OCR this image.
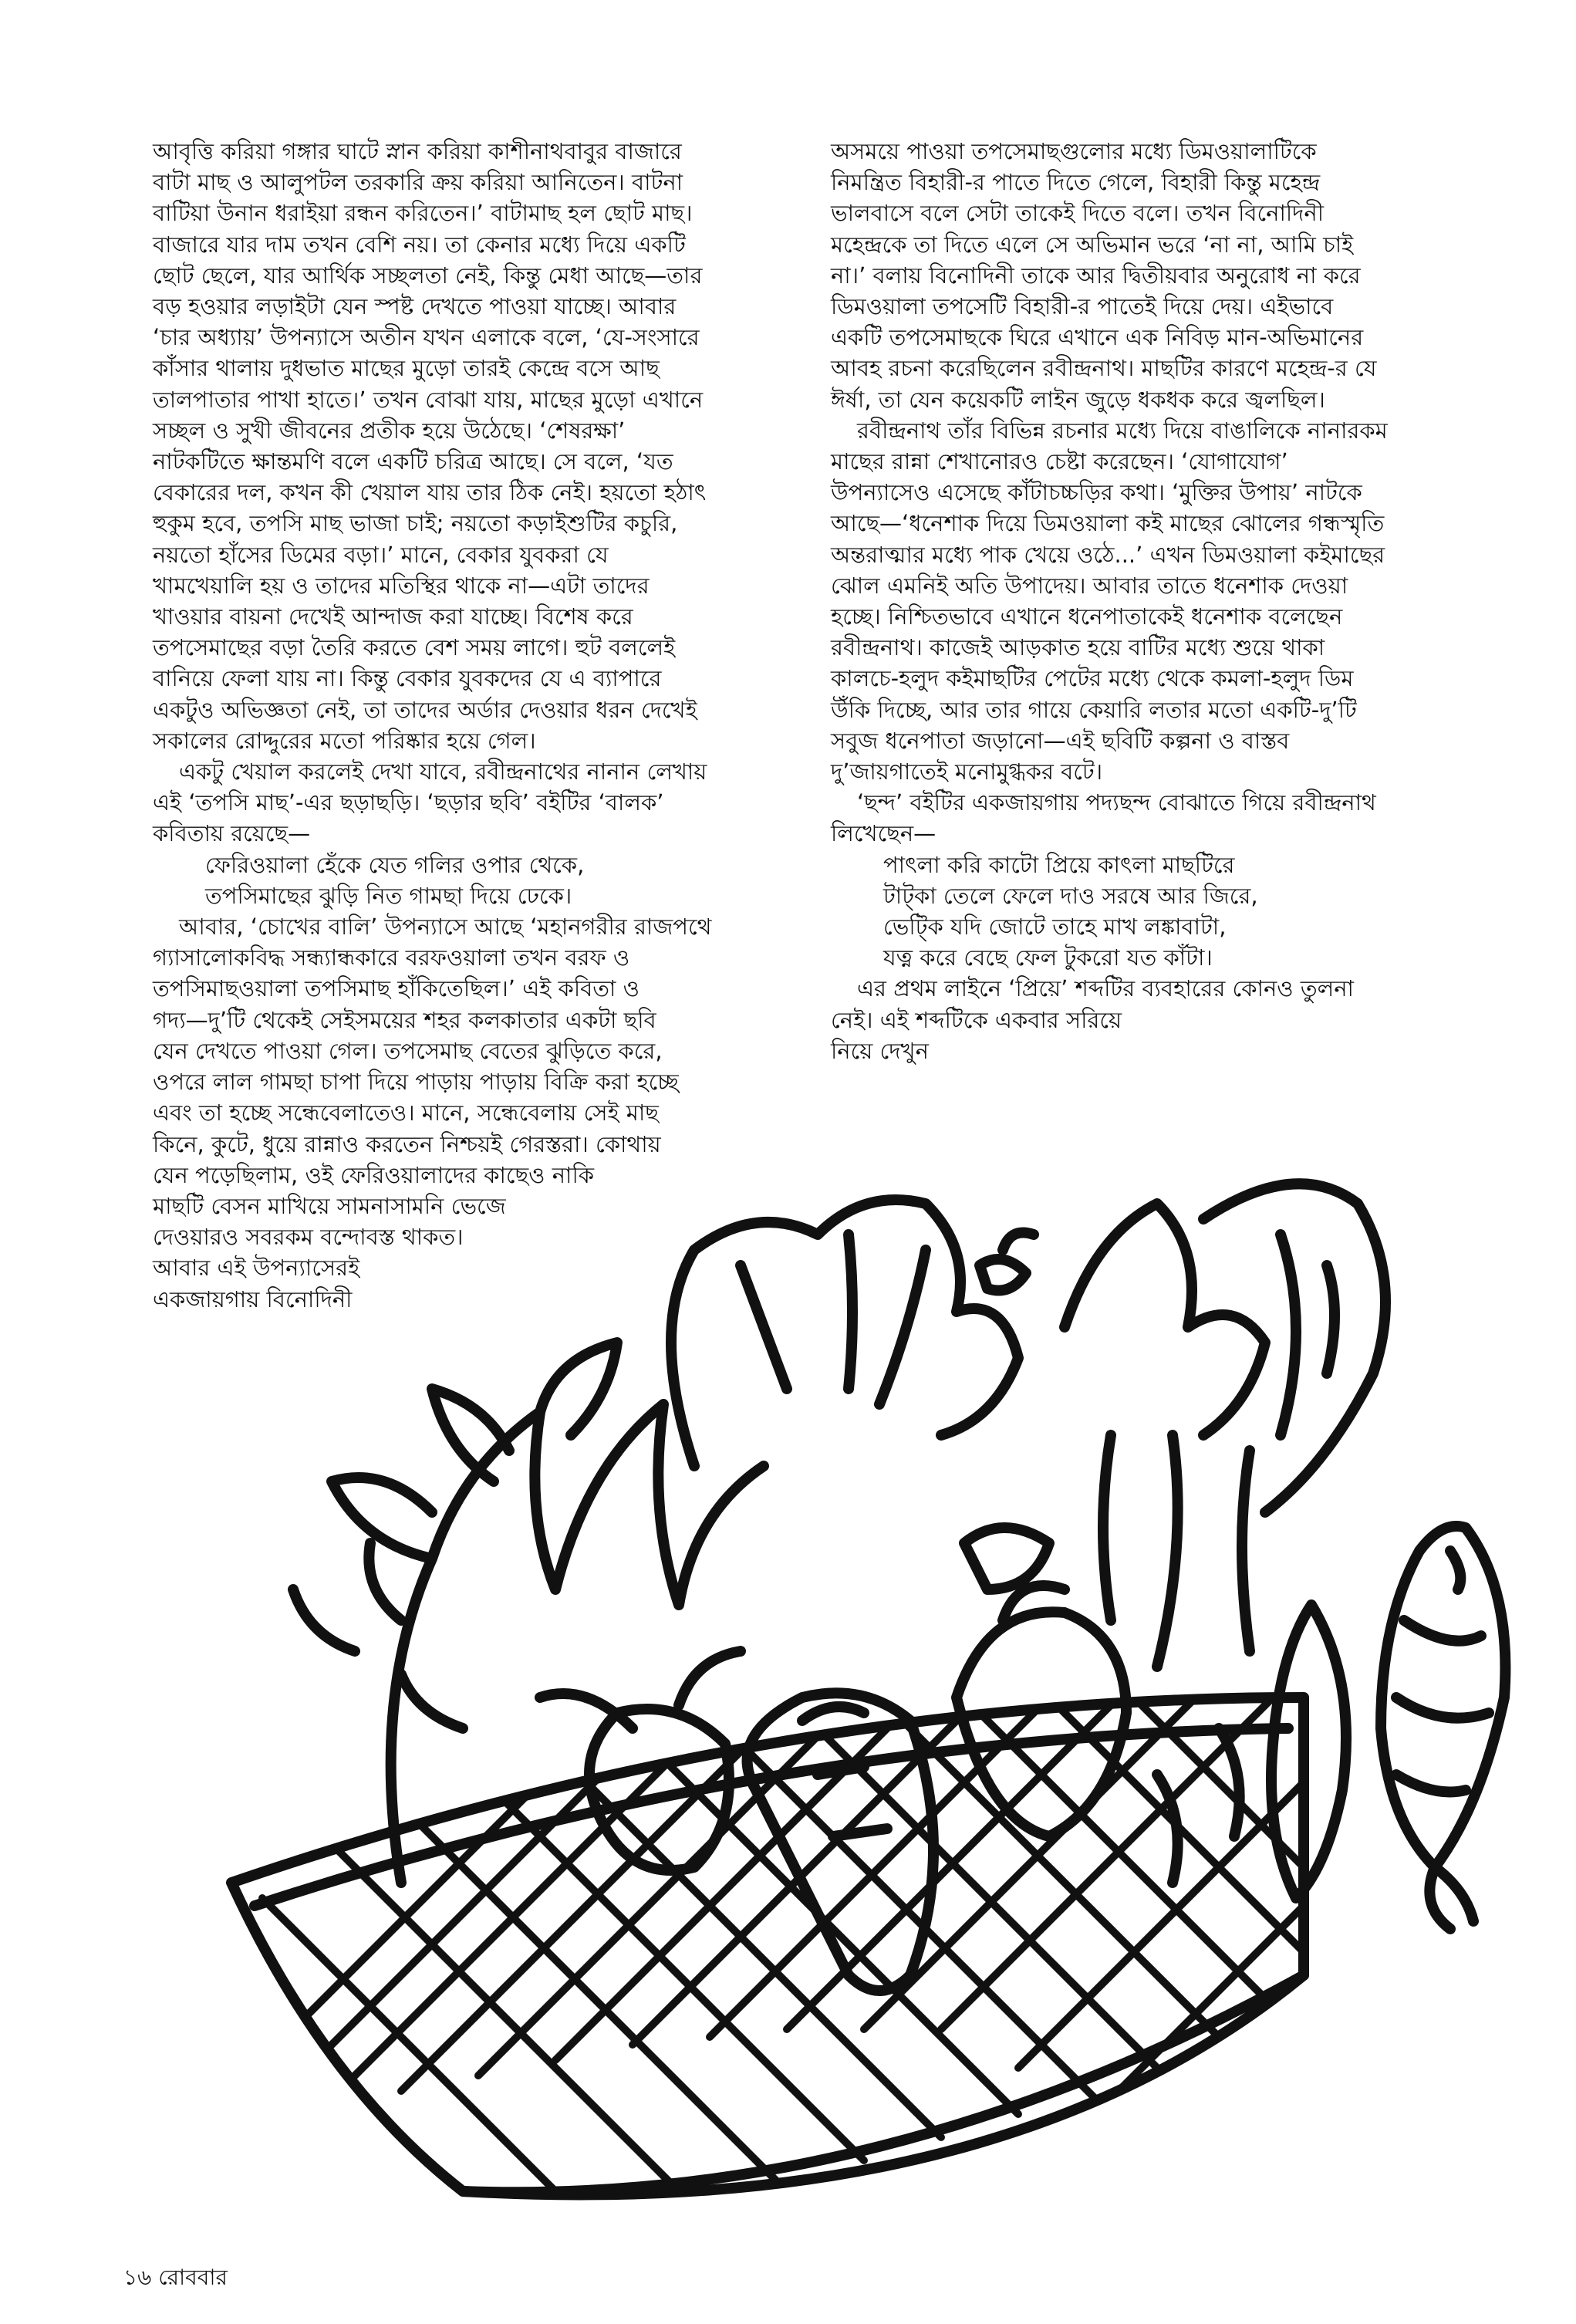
আবৃত্তি করিয়া গঙ্গার ঘাটে স্নান করিয়া কাশীনাথবাবুর বাজারে

বাটা মাছ ও আলুপটল তরকারি ক্রয় করিয়া আনিতেন। বাটনা

বাটিয়া উনান ধরাইয়া রন্ধন করিতেন।’ বাটামাছ হল ছোট মাছ।

বাজারে যার দাম তখন বেশি নয়। তা কেনার মধ্যে দিয়ে একটি

ছোট ছেলে, যার আর্থিক সচ্ছলতা নেই, কিন্তু মেধা আছে—তার

বড় হওয়ার লড়াইটা যেন স্পষ্ট দেখতে পাওয়া যাচ্ছে। আবার

‘চার অধ্যায়’ উপন্যাসে অতীন যখন এলাকে বলে, ‘যে-সংসারে

কাঁসার থালায় দুধভাত মাছের মুড়ো তারই কেন্দ্রে বসে আছ

তালপাতার পাখা হাতে।’ তখন বোঝা যায়, মাছের মুড়ো এখানে

সচ্ছল ও সুখী জীবনের প্রতীক হয়ে উঠেছে। ‘শেষরক্ষা’

নাটকটিতে ক্ষান্তমণি বলে একটি চরিত্র আছে। সে বলে, ‘যত

বেকারের দল, কখন কী খেয়াল যায় তার ঠিক নেই। হয়তো হঠাৎ

হুকুম হবে, তপসি মাছ ভাজা চাই; নয়তো কড়াইশুটির কচুরি,

নয়তো হাঁসের ডিমের বড়া।’ মানে, বেকার যুবকরা যে

খামখেয়ালি হয় ও তাদের মতিস্থির থাকে না—এটা তাদের

খাওয়ার বায়না দেখেই আন্দাজ করা যাচ্ছে। বিশেষ করে

তপসেমাছের বড়া তৈরি করতে বেশ সময় লাগে। হুট বললেই

বানিয়ে ফেলা যায় না। কিন্তু বেকার যুবকদের যে এ ব্যাপারে

একটুও অভিজ্ঞতা নেই, তা তাদের অর্ডার দেওয়ার ধরন দেখেই

সকালের রোদ্দুরের মতো পরিষ্কার হয়ে গেল।

একটু খেয়াল করলেই দেখা যাবে, রবীন্দ্রনাথের নানান লেখায়

এই ‘তপসি মাছ’-এর ছড়াছড়ি। ‘ছড়ার ছবি’ বইটির ‘বালক’

কবিতায় রয়েছে—

ফেরিওয়ালা হেঁকে যেত গলির ওপার থেকে,

তপসিমাছের ঝুড়ি নিত গামছা দিয়ে ঢেকে।

আবার, ‘চোখের বালি’ উপন্যাসে আছে ‘মহানগরীর রাজপথে

গ্যাসালোকবিদ্ধ সন্ধ্যান্ধকারে বরফওয়ালা তখন বরফ ও

তপসিমাছওয়ালা তপসিমাছ হাঁকিতেছিল।’ এই কবিতা ও

গদ্য—দু’টি থেকেই সেইসময়ের শহর কলকাতার একটা ছবি

যেন দেখতে পাওয়া গেল। তপসেমাছ বেতের ঝুড়িতে করে,

ওপরে লাল গামছা চাপা দিয়ে পাড়ায় পাড়ায় বিক্রি করা হচ্ছে

এবং তা হচ্ছে সন্ধেবেলাতেও। মানে, সন্ধেবেলায় সেই মাছ

কিনে, কুটে, ধুয়ে রান্নাও করতেন নিশ্চয়ই গেরস্তরা। কোথায়

যেন পড়েছিলাম, ওই ফেরিওয়ালাদের কাছেও নাকি

মাছটি বেসন মাখিয়ে সামনাসামনি ভেজে

দেওয়ারও সবরকম বন্দোবস্ত থাকত।

আবার এই উপন্যাসেরই

একজায়গায় বিনোদিনী

অসময়ে পাওয়া তপসেমাছগুলোর মধ্যে ডিমওয়ালাটিকে

নিমন্ত্রিত বিহারী-র পাতে দিতে গেলে, বিহারী কিন্তু মহেন্দ্র

ভালবাসে বলে সেটা তাকেই দিতে বলে। তখন বিনোদিনী

মহেন্দ্রকে তা দিতে এলে সে অভিমান ভরে ‘না না, আমি চাই

না।’ বলায় বিনোদিনী তাকে আর দ্বিতীয়বার অনুরোধ না করে

ডিমওয়ালা তপসেটি বিহারী-র পাতেই দিয়ে দেয়। এইভাবে

একটি তপসেমাছকে ঘিরে এখানে এক নিবিড় মান-অভিমানের

আবহ রচনা করেছিলেন রবীন্দ্রনাথ। মাছটির কারণে মহেন্দ্র-র যে

ঈর্ষা, তা যেন কয়েকটি লাইন জুড়ে ধকধক করে জ্বলছিল।

রবীন্দ্রনাথ তাঁর বিভিন্ন রচনার মধ্যে দিয়ে বাঙালিকে নানারকম

মাছের রান্না শেখানোরও চেষ্টা করেছেন। ‘যোগাযোগ’

উপন্যাসেও এসেছে কাঁটাচচ্চড়ির কথা। ‘মুক্তির উপায়’ নাটকে

আছে—‘ধনেশাক দিয়ে ডিমওয়ালা কই মাছের ঝোলের গন্ধস্মৃতি

অন্তরাত্মার মধ্যে পাক খেয়ে ওঠে...’ এখন ডিমওয়ালা কইমাছের

ঝোল এমনিই অতি উপাদেয়। আবার তাতে ধনেশাক দেওয়া

হচ্ছে। নিশ্চিতভাবে এখানে ধনেপাতাকেই ধনেশাক বলেছেন

রবীন্দ্রনাথ। কাজেই আড়কাত হয়ে বাটির মধ্যে শুয়ে থাকা

কালচে-হলুদ কইমাছটির পেটের মধ্যে থেকে কমলা-হলুদ ডিম

উঁকি দিচ্ছে, আর তার গায়ে কেয়ারি লতার মতো একটি-দু’টি

সবুজ ধনেপাতা জড়ানো—এই ছবিটি কল্পনা ও বাস্তব

দু’জায়গাতেই মনোমুগ্ধকর বটে।

‘ছন্দ’ বইটির একজায়গায় পদ্যছন্দ বোঝাতে গিয়ে রবীন্দ্রনাথ

লিখেছেন—

পাৎলা করি কাটো প্রিয়ে কাৎলা মাছটিরে

টাট্কা তেলে ফেলে দাও সরষে আর জিরে,

ভেট্কি যদি জোটে তাহে মাখ লঙ্কাবাটা,

যত্ন করে বেছে ফেল টুকরো যত কাঁটা।

এর প্রথম লাইনে ‘প্রিয়ে’ শব্দটির ব্যবহারের কোনও তুলনা

নেই। এই শব্দটিকে একবার সরিয়ে

নিয়ে দেখুন

১৬ রোববার
